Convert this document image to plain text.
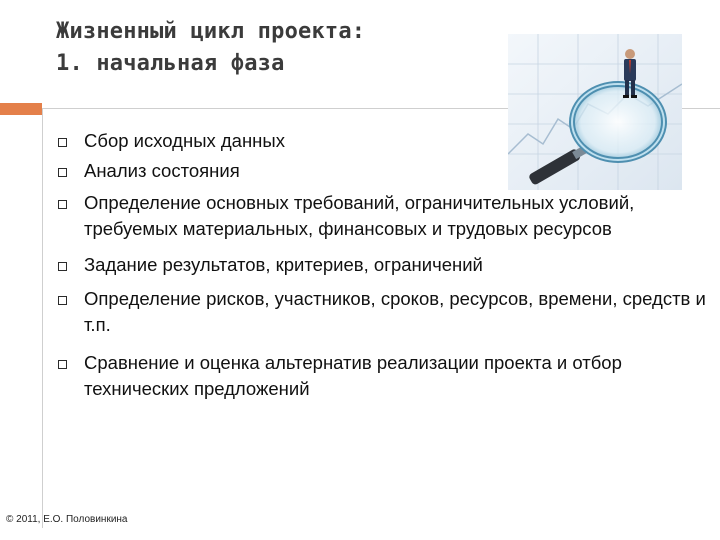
Жизненный цикл проекта:
1. начальная фаза
Сбор исходных данных
Анализ состояния
Определение основных требований, ограничительных условий, требуемых материальных, финансовых и трудовых ресурсов
Задание результатов, критериев, ограничений
Определение рисков, участников, сроков, ресурсов, времени, средств и т.п.
Сравнение и оценка альтернатив реализации проекта и отбор технических предложений
© 2011, Е.О. Половинкина
